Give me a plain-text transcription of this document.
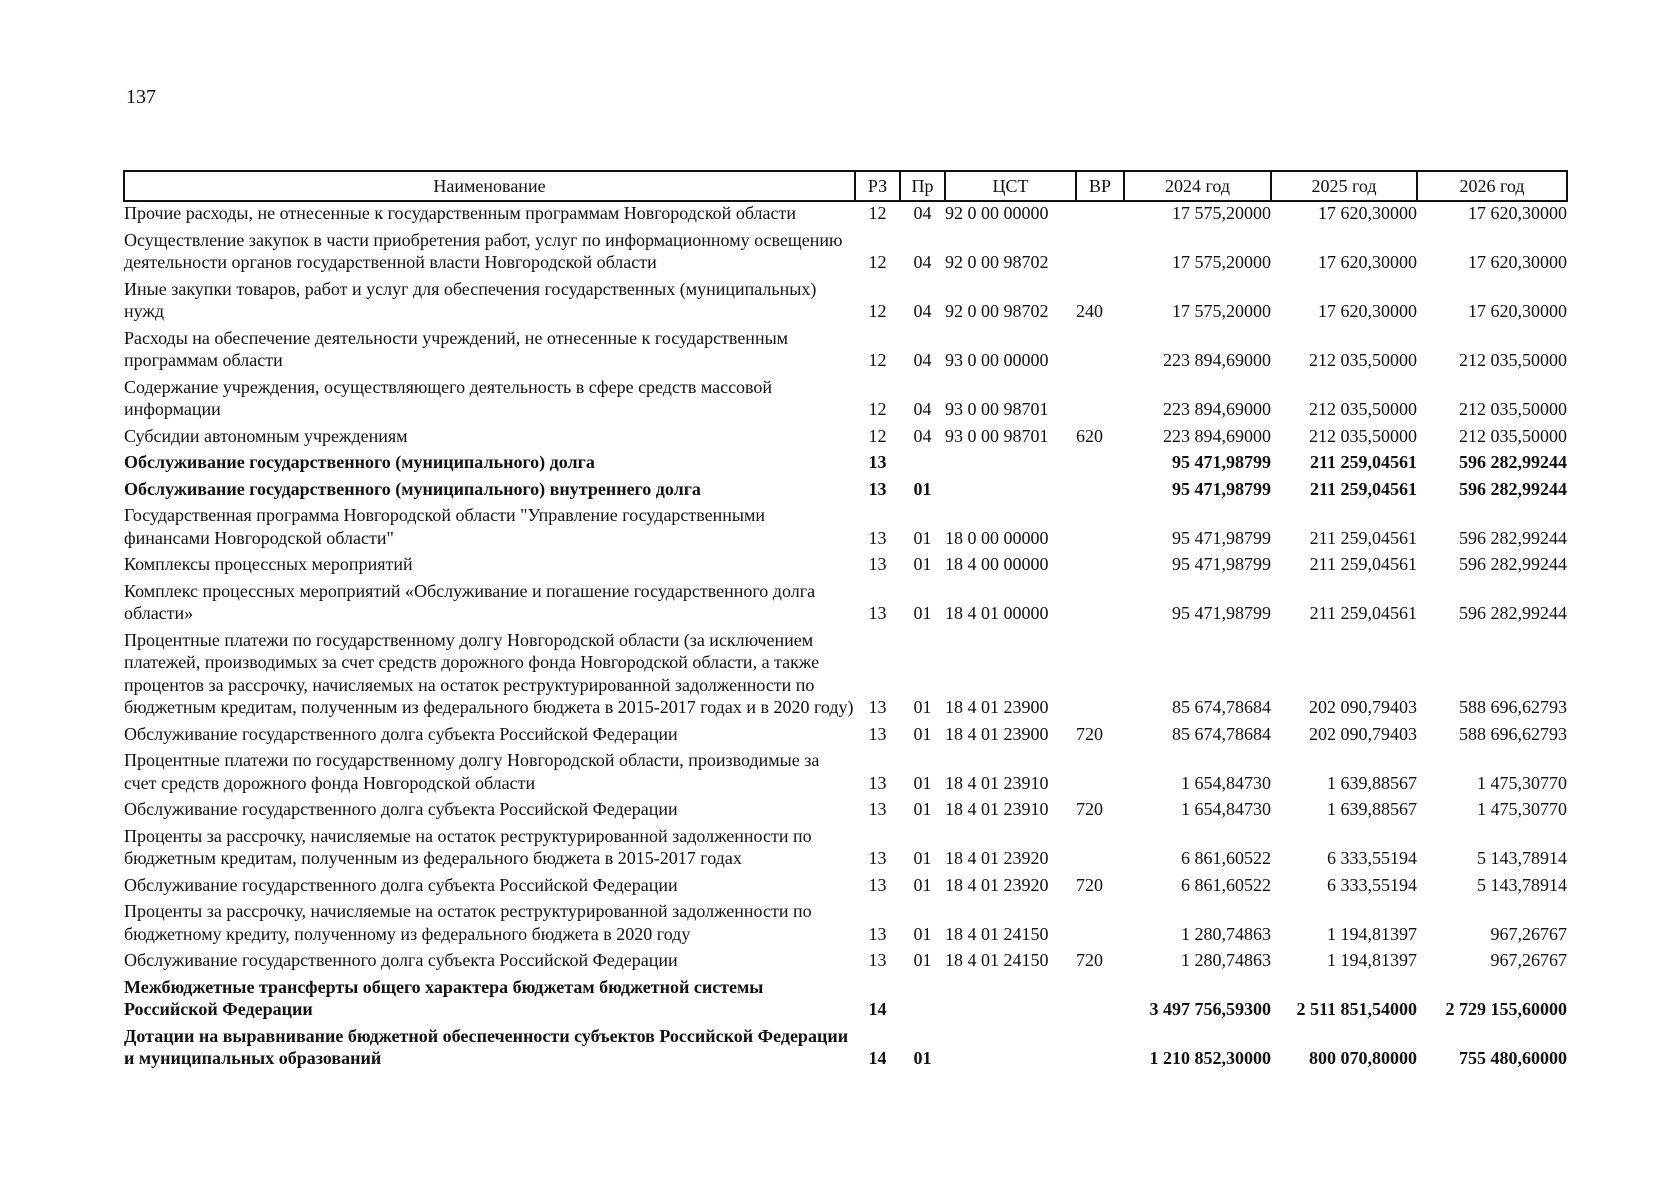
137
Наименование	РЗ	Пр	ЦСТ	ВР	2024 год	2025 год	2026 год
Прочие расходы, не отнесенные к государственным программам Новгородской области	12	04	92 0 00 00000		17 575,20000	17 620,30000	17 620,30000
Осуществление закупок в части приобретения работ, услуг по информационному освещению деятельности органов государственной власти Новгородской области	12	04	92 0 00 98702		17 575,20000	17 620,30000	17 620,30000
Иные закупки товаров, работ и услуг для обеспечения государственных (муниципальных) нужд	12	04	92 0 00 98702	240	17 575,20000	17 620,30000	17 620,30000
Расходы на обеспечение деятельности учреждений, не отнесенные к государственным программам области	12	04	93 0 00 00000		223 894,69000	212 035,50000	212 035,50000
Содержание учреждения, осуществляющего деятельность в сфере средств массовой информации	12	04	93 0 00 98701		223 894,69000	212 035,50000	212 035,50000
Субсидии автономным учреждениям	12	04	93 0 00 98701	620	223 894,69000	212 035,50000	212 035,50000
Обслуживание государственного (муниципального) долга	13				95 471,98799	211 259,04561	596 282,99244
Обслуживание государственного (муниципального) внутреннего долга	13	01			95 471,98799	211 259,04561	596 282,99244
Государственная программа Новгородской области "Управление государственными финансами Новгородской области"	13	01	18 0 00 00000		95 471,98799	211 259,04561	596 282,99244
Комплексы процессных мероприятий	13	01	18 4 00 00000		95 471,98799	211 259,04561	596 282,99244
Комплекс процессных мероприятий «Обслуживание и погашение государственного долга области»	13	01	18 4 01 00000		95 471,98799	211 259,04561	596 282,99244
Процентные платежи по государственному долгу Новгородской области (за исключением платежей, производимых за счет средств дорожного фонда Новгородской области, а также процентов за рассрочку, начисляемых на остаток реструктурированной задолженности по бюджетным кредитам, полученным из федерального бюджета в 2015-2017 годах и в 2020 году)	13	01	18 4 01 23900		85 674,78684	202 090,79403	588 696,62793
Обслуживание государственного долга субъекта Российской Федерации	13	01	18 4 01 23900	720	85 674,78684	202 090,79403	588 696,62793
Процентные платежи по государственному долгу Новгородской области, производимые за счет средств дорожного фонда Новгородской области	13	01	18 4 01 23910		1 654,84730	1 639,88567	1 475,30770
Обслуживание государственного долга субъекта Российской Федерации	13	01	18 4 01 23910	720	1 654,84730	1 639,88567	1 475,30770
Проценты за рассрочку, начисляемые на остаток реструктурированной задолженности по бюджетным кредитам, полученным из федерального бюджета в 2015-2017 годах	13	01	18 4 01 23920		6 861,60522	6 333,55194	5 143,78914
Обслуживание государственного долга субъекта Российской Федерации	13	01	18 4 01 23920	720	6 861,60522	6 333,55194	5 143,78914
Проценты за рассрочку, начисляемые на остаток реструктурированной задолженности по бюджетному кредиту, полученному из федерального бюджета в 2020 году	13	01	18 4 01 24150		1 280,74863	1 194,81397	967,26767
Обслуживание государственного долга субъекта Российской Федерации	13	01	18 4 01 24150	720	1 280,74863	1 194,81397	967,26767
Межбюджетные трансферты общего характера бюджетам бюджетной системы Российской Федерации	14				3 497 756,59300	2 511 851,54000	2 729 155,60000
Дотации на выравнивание бюджетной обеспеченности субъектов Российской Федерации и муниципальных образований	14	01			1 210 852,30000	800 070,80000	755 480,60000
